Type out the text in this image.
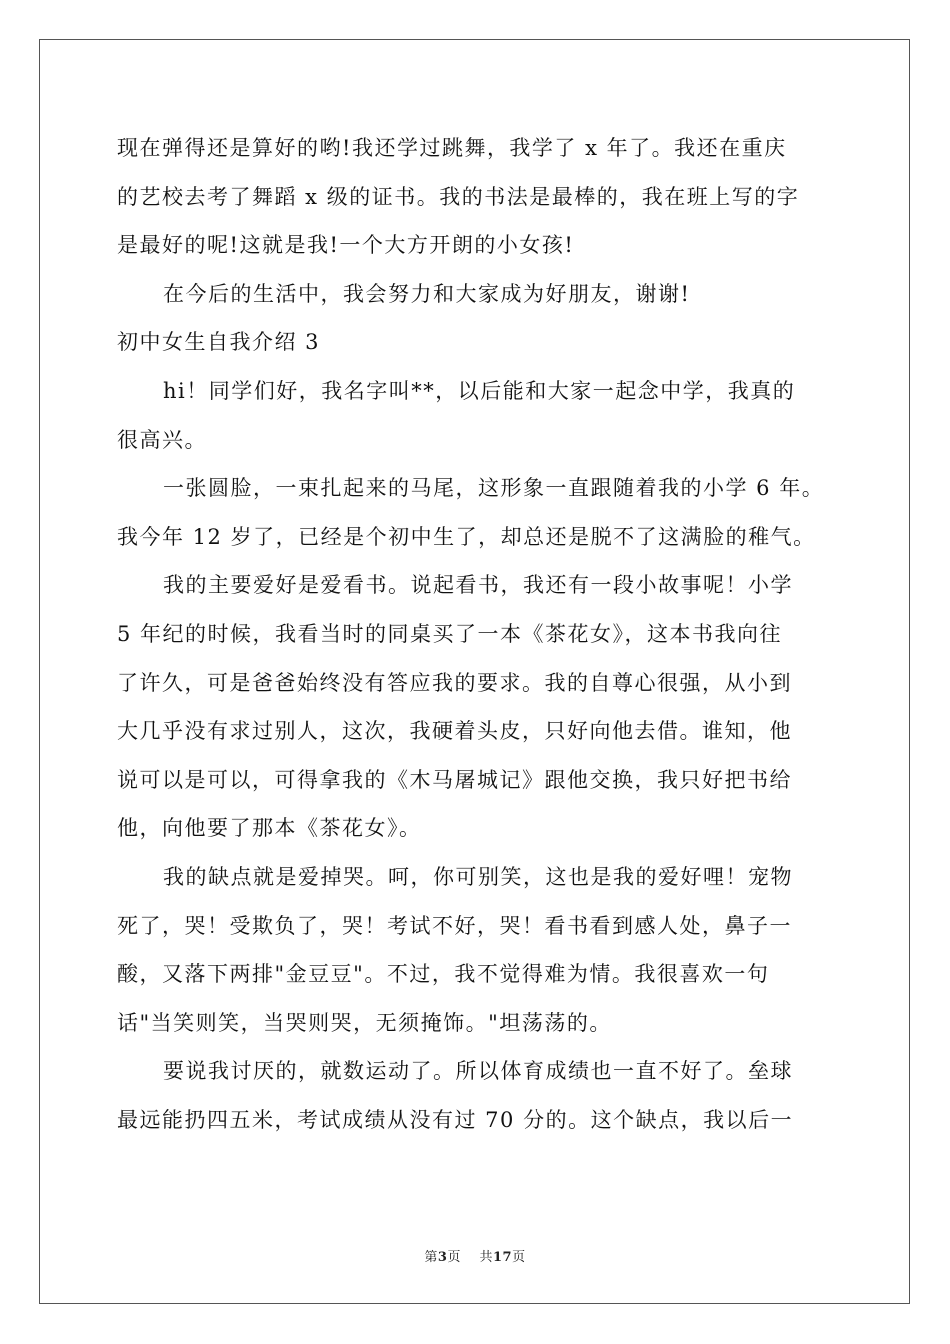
现在弹得还是算好的哟!我还学过跳舞，我学了 x 年了。我还在重庆
的艺校去考了舞蹈 x 级的证书。我的书法是最棒的，我在班上写的字
是最好的呢!这就是我!一个大方开朗的小女孩!
在今后的生活中，我会努力和大家成为好朋友，谢谢!
初中女生自我介绍 3
hi！同学们好，我名字叫**，以后能和大家一起念中学，我真的
很高兴。
一张圆脸，一束扎起来的马尾，这形象一直跟随着我的小学 6 年。
我今年 12 岁了，已经是个初中生了，却总还是脱不了这满脸的稚气。
我的主要爱好是爱看书。说起看书，我还有一段小故事呢！小学
5 年纪的时候，我看当时的同桌买了一本《茶花女》，这本书我向往
了许久，可是爸爸始终没有答应我的要求。我的自尊心很强，从小到
大几乎没有求过别人，这次，我硬着头皮，只好向他去借。谁知，他
说可以是可以，可得拿我的《木马屠城记》跟他交换，我只好把书给
他，向他要了那本《茶花女》。
我的缺点就是爱掉哭。呵，你可别笑，这也是我的爱好哩！宠物
死了，哭！受欺负了，哭！考试不好，哭！看书看到感人处，鼻子一
酸，又落下两排"金豆豆"。不过，我不觉得难为情。我很喜欢一句
话"当笑则笑，当哭则哭，无须掩饰。"坦荡荡的。
要说我讨厌的，就数运动了。所以体育成绩也一直不好了。垒球
最远能扔四五米，考试成绩从没有过 70 分的。这个缺点，我以后一
第3页 共17页
